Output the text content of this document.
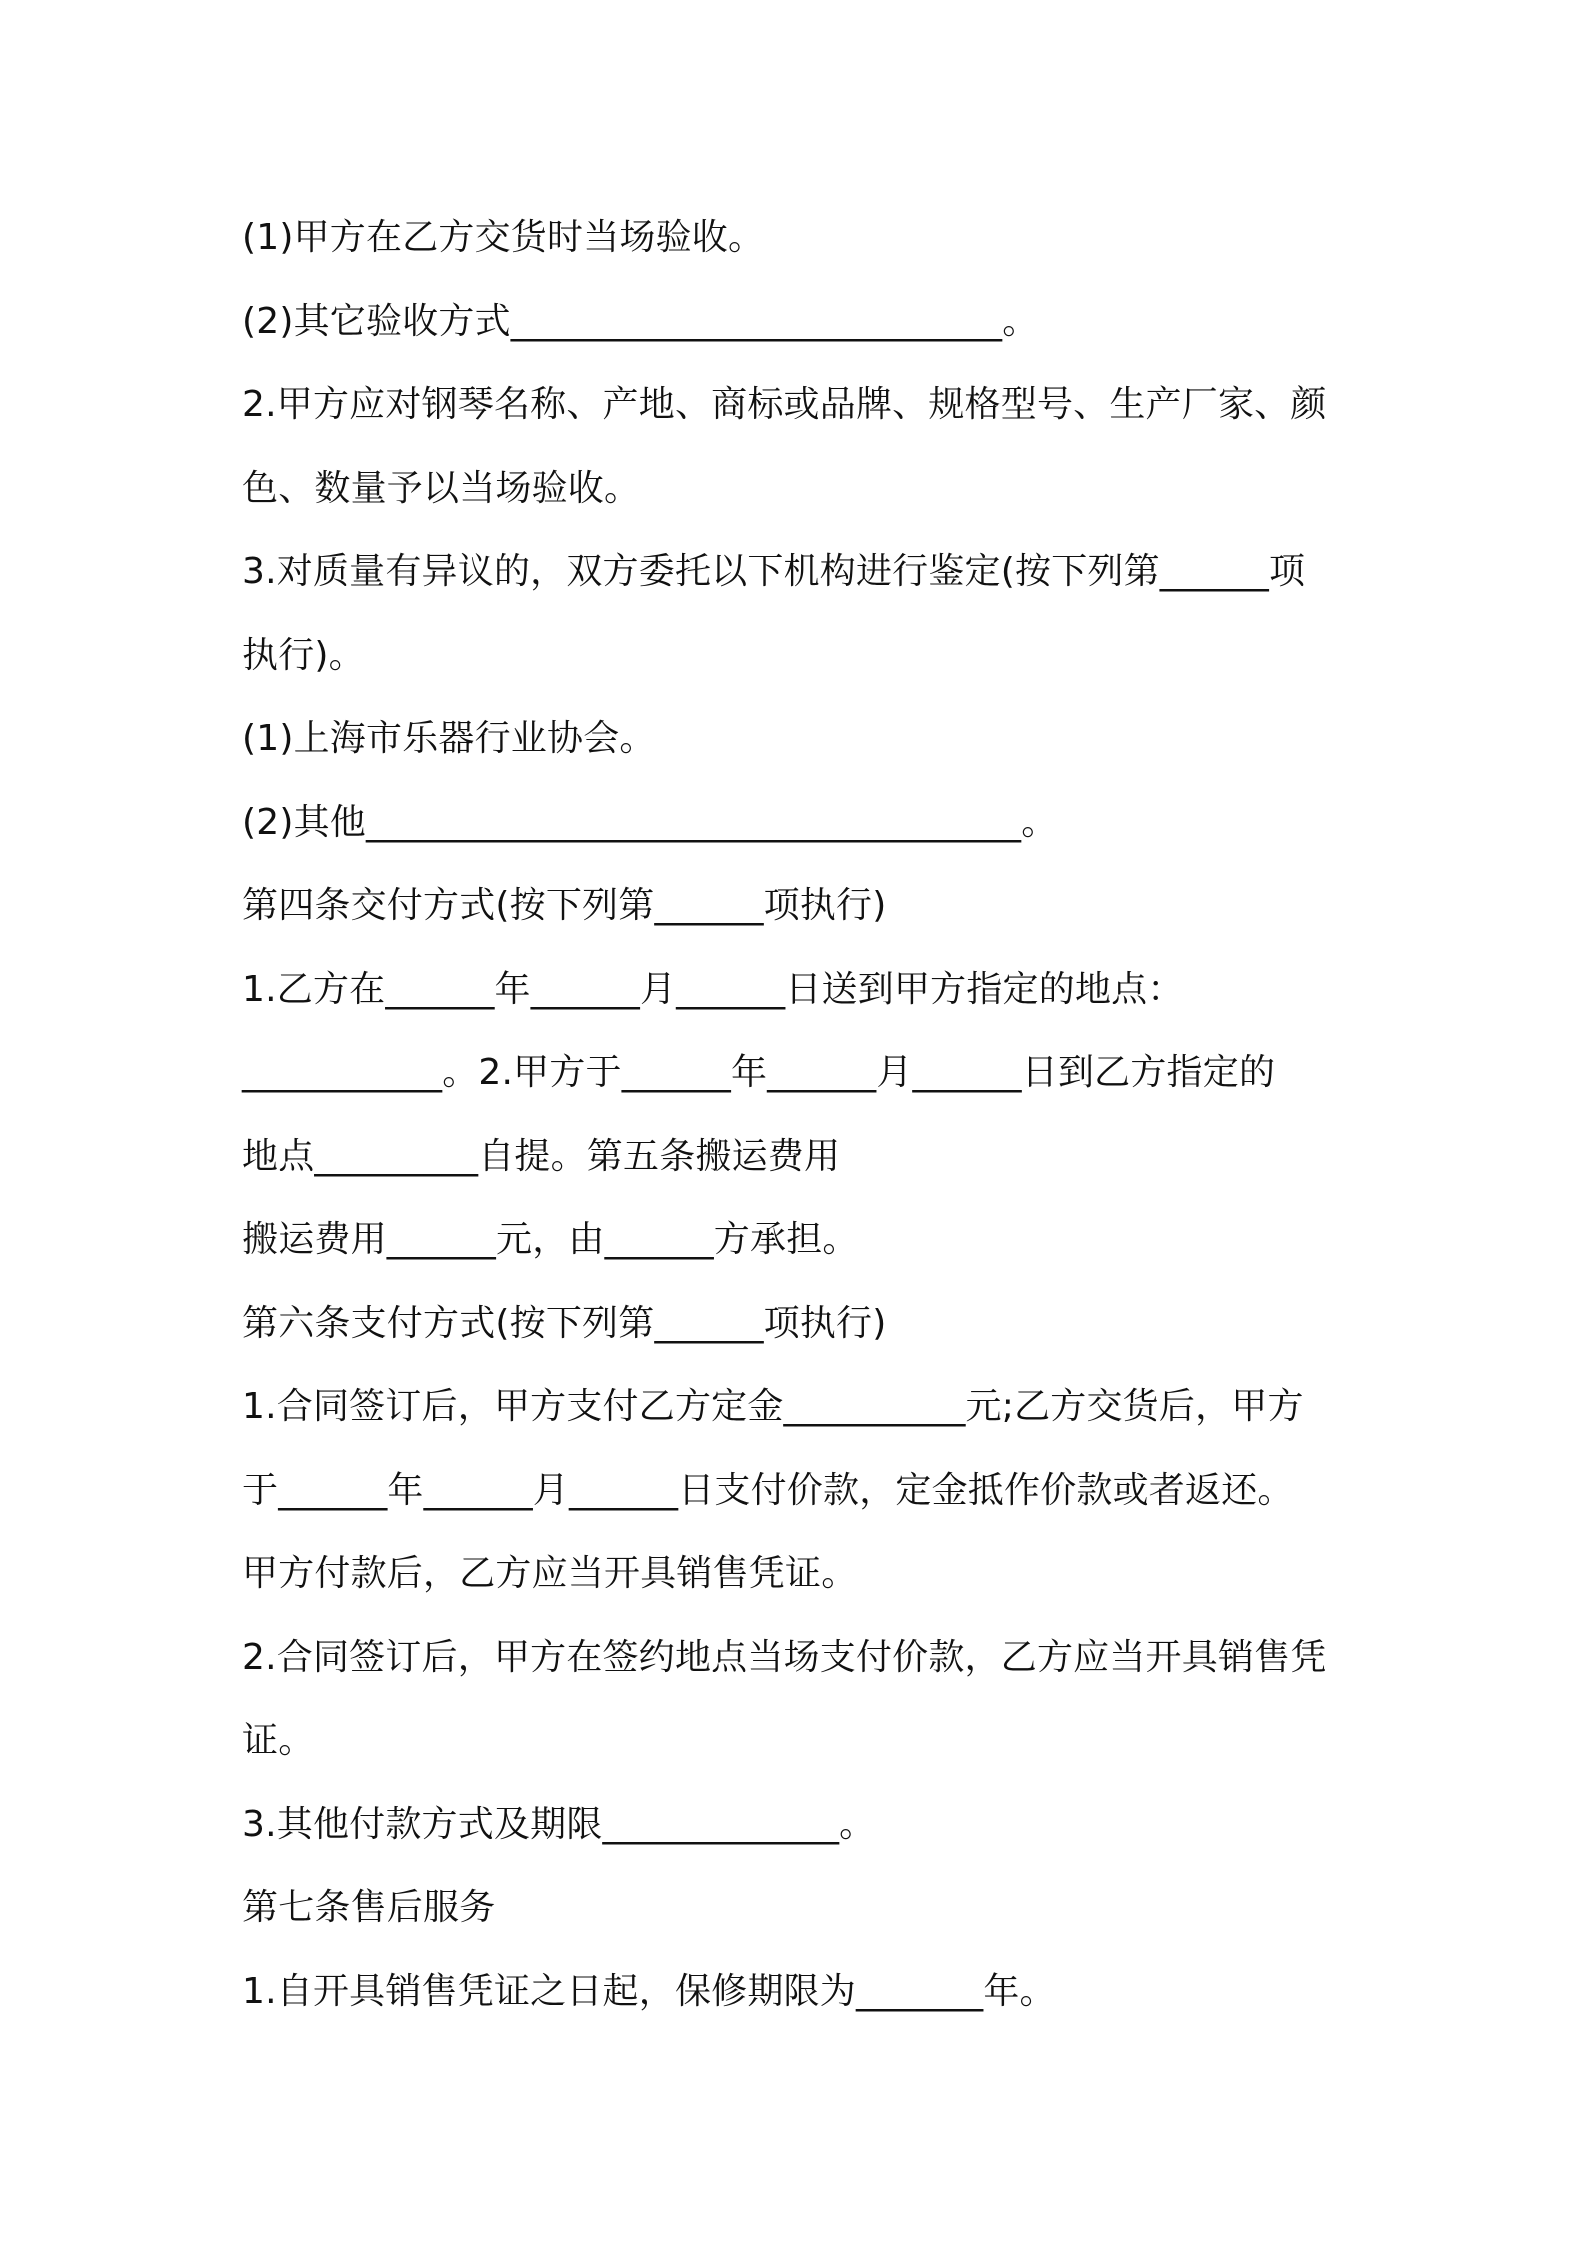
(1)甲方在乙方交货时当场验收。
(2)其它验收方式___________________________。
2.甲方应对钢琴名称、产地、商标或品牌、规格型号、生产厂家、颜
色、数量予以当场验收。
3.对质量有异议的，双方委托以下机构进行鉴定(按下列第______项
执行)。
(1)上海市乐器行业协会。
(2)其他____________________________________。
第四条交付方式(按下列第______项执行)
1.乙方在______年______月______日送到甲方指定的地点：
___________。2.甲方于______年______月______日到乙方指定的
地点_________自提。第五条搬运费用
搬运费用______元，由______方承担。
第六条支付方式(按下列第______项执行)
1.合同签订后，甲方支付乙方定金__________元;乙方交货后，甲方
于______年______月______日支付价款，定金抵作价款或者返还。
甲方付款后，乙方应当开具销售凭证。
2.合同签订后，甲方在签约地点当场支付价款，乙方应当开具销售凭
证。
3.其他付款方式及期限_____________。
第七条售后服务
1.自开具销售凭证之日起，保修期限为_______年。
